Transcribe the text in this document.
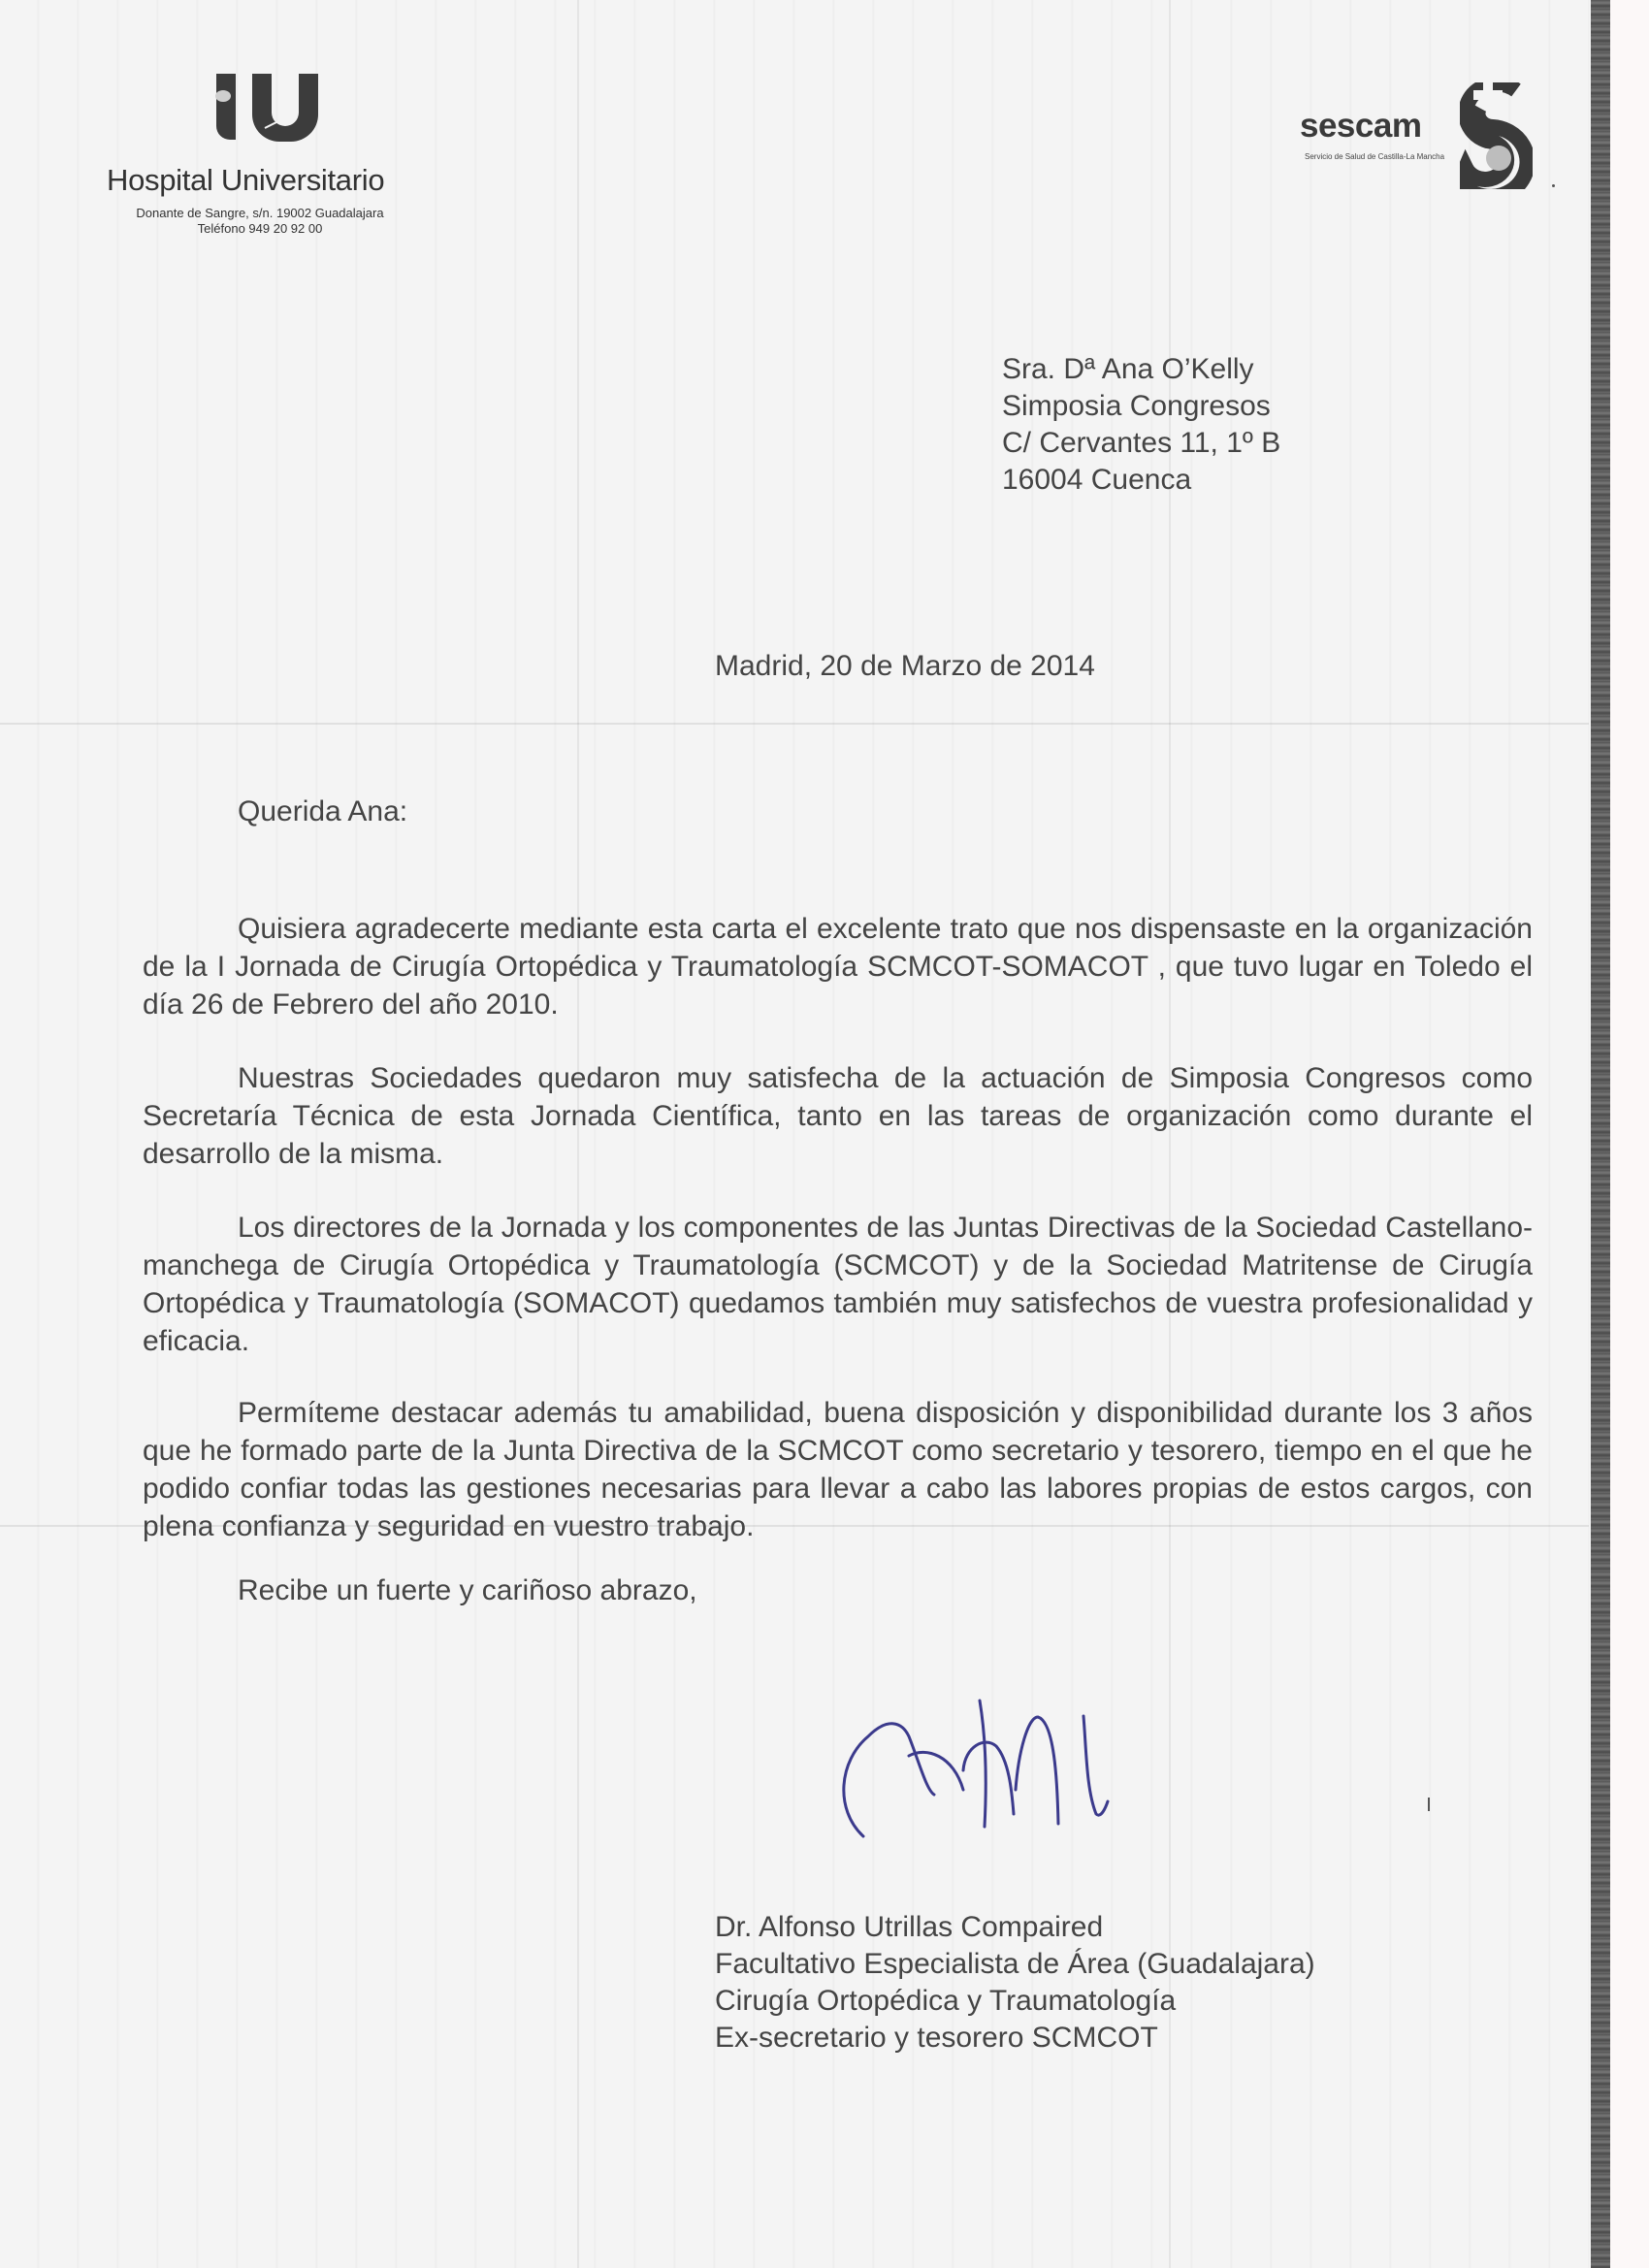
Hospital Universitario
Donante de Sangre, s/n. 19002 Guadalajara
Teléfono 949 20 92 00
sescam
Servicio de Salud de Castilla-La Mancha
Sra. Dª Ana O’Kelly
Simposia Congresos
C/ Cervantes 11, 1º B
16004 Cuenca
Madrid, 20 de Marzo de 2014
Querida Ana:
Quisiera agradecerte mediante esta carta el excelente trato que nos dispensaste en la organización de la I Jornada de Cirugía Ortopédica y Traumatología SCMCOT-SOMACOT , que tuvo lugar en Toledo el día 26 de Febrero del año 2010.
Nuestras Sociedades quedaron muy satisfecha de la actuación de Simposia Congresos como Secretaría Técnica de esta Jornada Científica, tanto en las tareas de organización como durante el desarrollo de la misma.
Los directores de la Jornada y los componentes de las Juntas Directivas de la Sociedad Castellano-manchega de Cirugía Ortopédica y Traumatología (SCMCOT) y de la Sociedad Matritense de Cirugía Ortopédica y Traumatología (SOMACOT) quedamos también muy satisfechos de vuestra profesionalidad y eficacia.
Permíteme destacar además tu amabilidad, buena disposición y disponibilidad durante los 3 años que he formado parte de la Junta Directiva de la SCMCOT como secretario y tesorero, tiempo en el que he podido confiar todas las gestiones necesarias para llevar a cabo las labores propias de estos cargos, con plena confianza y seguridad en vuestro trabajo.
Recibe un fuerte y cariñoso abrazo,
Dr. Alfonso Utrillas Compaired
Facultativo Especialista de Área (Guadalajara)
Cirugía Ortopédica y Traumatología
Ex-secretario y tesorero SCMCOT
